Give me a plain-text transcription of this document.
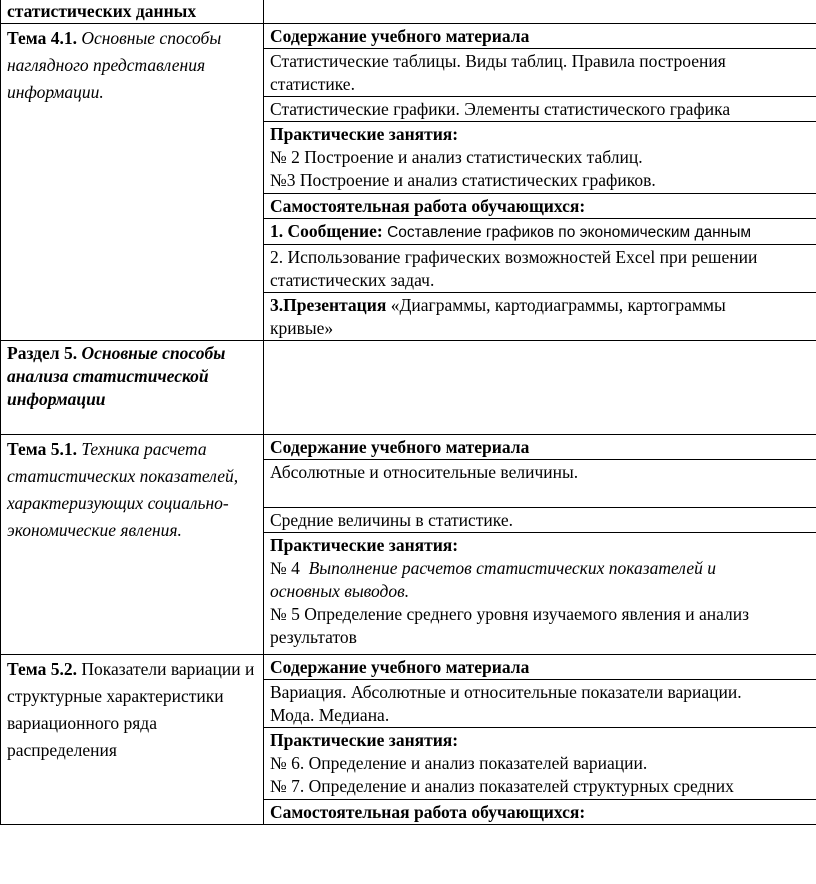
статистических данных	
Тема 4.1. Основные способы наглядного представления информации.	Содержание учебного материала

	Статистические таблицы. Виды таблиц. Правила построения
статистике.

	Статистические графики. Элементы статистического графика

	Практические занятия:
№ 2 Построение и анализ статистических таблиц.
№3 Построение и анализ статистических графиков.

	Самостоятельная работа обучающихся:
	1. Сообщение: Составление графиков по экономическим данным

	2. Использование графических возможностей Excel при решении
статистических задач.

	3.Презентация «Диаграммы, картодиаграммы, картограммы
кривые»

Раздел 5. Основные способы анализа статистической информации	
Тема 5.1. Техника расчета статистических показателей, характеризующих социально-экономические явления.	Содержание учебного материала
	Абсолютные и относительные величины.
	Средние величины в статистике.

	Практические занятия:
№ 4 Выполнение расчетов статистических показателей и
основных выводов.
№ 5 Определение среднего уровня изучаемого явления и анализ
результатов

Тема 5.2. Показатели вариации и структурные характеристики вариационного ряда распределения	Содержание учебного материала

	Вариация. Абсолютные и относительные показатели вариации.
Мода. Медиана.

	Практические занятия:
№ 6. Определение и анализ показателей вариации.
№ 7. Определение и анализ показателей структурных средних

	Самостоятельная работа обучающихся:
